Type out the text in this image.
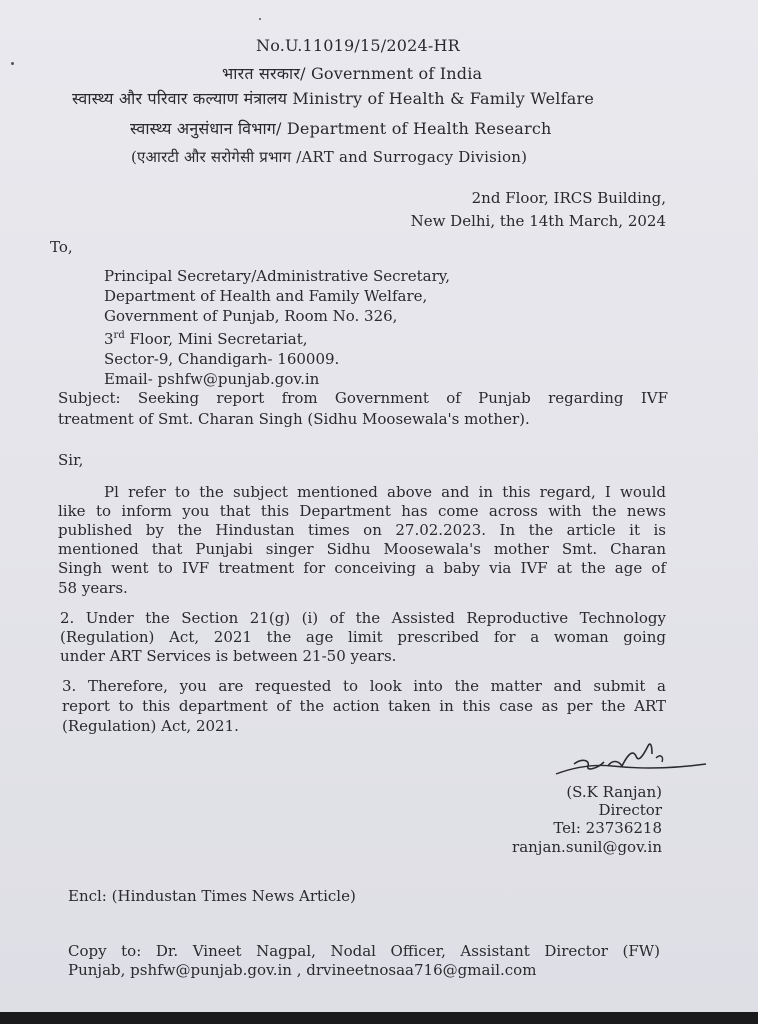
No.U.11019/15/2024-HR
भारत सरकार/ Government of India
स्वास्थ्य और परिवार कल्याण मंत्रालय Ministry of Health & Family Welfare
स्वास्थ्य अनुसंधान विभाग/ Department of Health Research
(एआरटी और सरोगेसी प्रभाग /ART and Surrogacy Division)
2nd Floor, IRCS Building,
New Delhi, the 14th March, 2024
To,
Principal Secretary/Administrative Secretary,
Department of Health and Family Welfare,
Government of Punjab, Room No. 326,
3rd Floor, Mini Secretariat,
Sector-9, Chandigarh- 160009.
Email- pshfw@punjab.gov.in
Subject: Seeking report from Government of Punjab regarding IVF
treatment of Smt. Charan Singh (Sidhu Moosewala's mother).
Sir,
Pl refer to the subject mentioned above and in this regard, I would
like to inform you that this Department has come across with the news
published by the Hindustan times on 27.02.2023. In the article it is
mentioned that Punjabi singer Sidhu Moosewala's mother Smt. Charan
Singh went to IVF treatment for conceiving a baby via IVF at the age of
58 years.
2. Under the Section 21(g) (i) of the Assisted Reproductive Technology
(Regulation) Act, 2021 the age limit prescribed for a woman going
under ART Services is between 21-50 years.
3. Therefore, you are requested to look into the matter and submit a
report to this department of the action taken in this case as per the ART
(Regulation) Act, 2021.
(S.K Ranjan)
Director
Tel: 23736218
ranjan.sunil@gov.in
Encl: (Hindustan Times News Article)
Copy to: Dr. Vineet Nagpal, Nodal Officer, Assistant Director (FW)
Punjab, pshfw@punjab.gov.in , drvineetnosaa716@gmail.com
